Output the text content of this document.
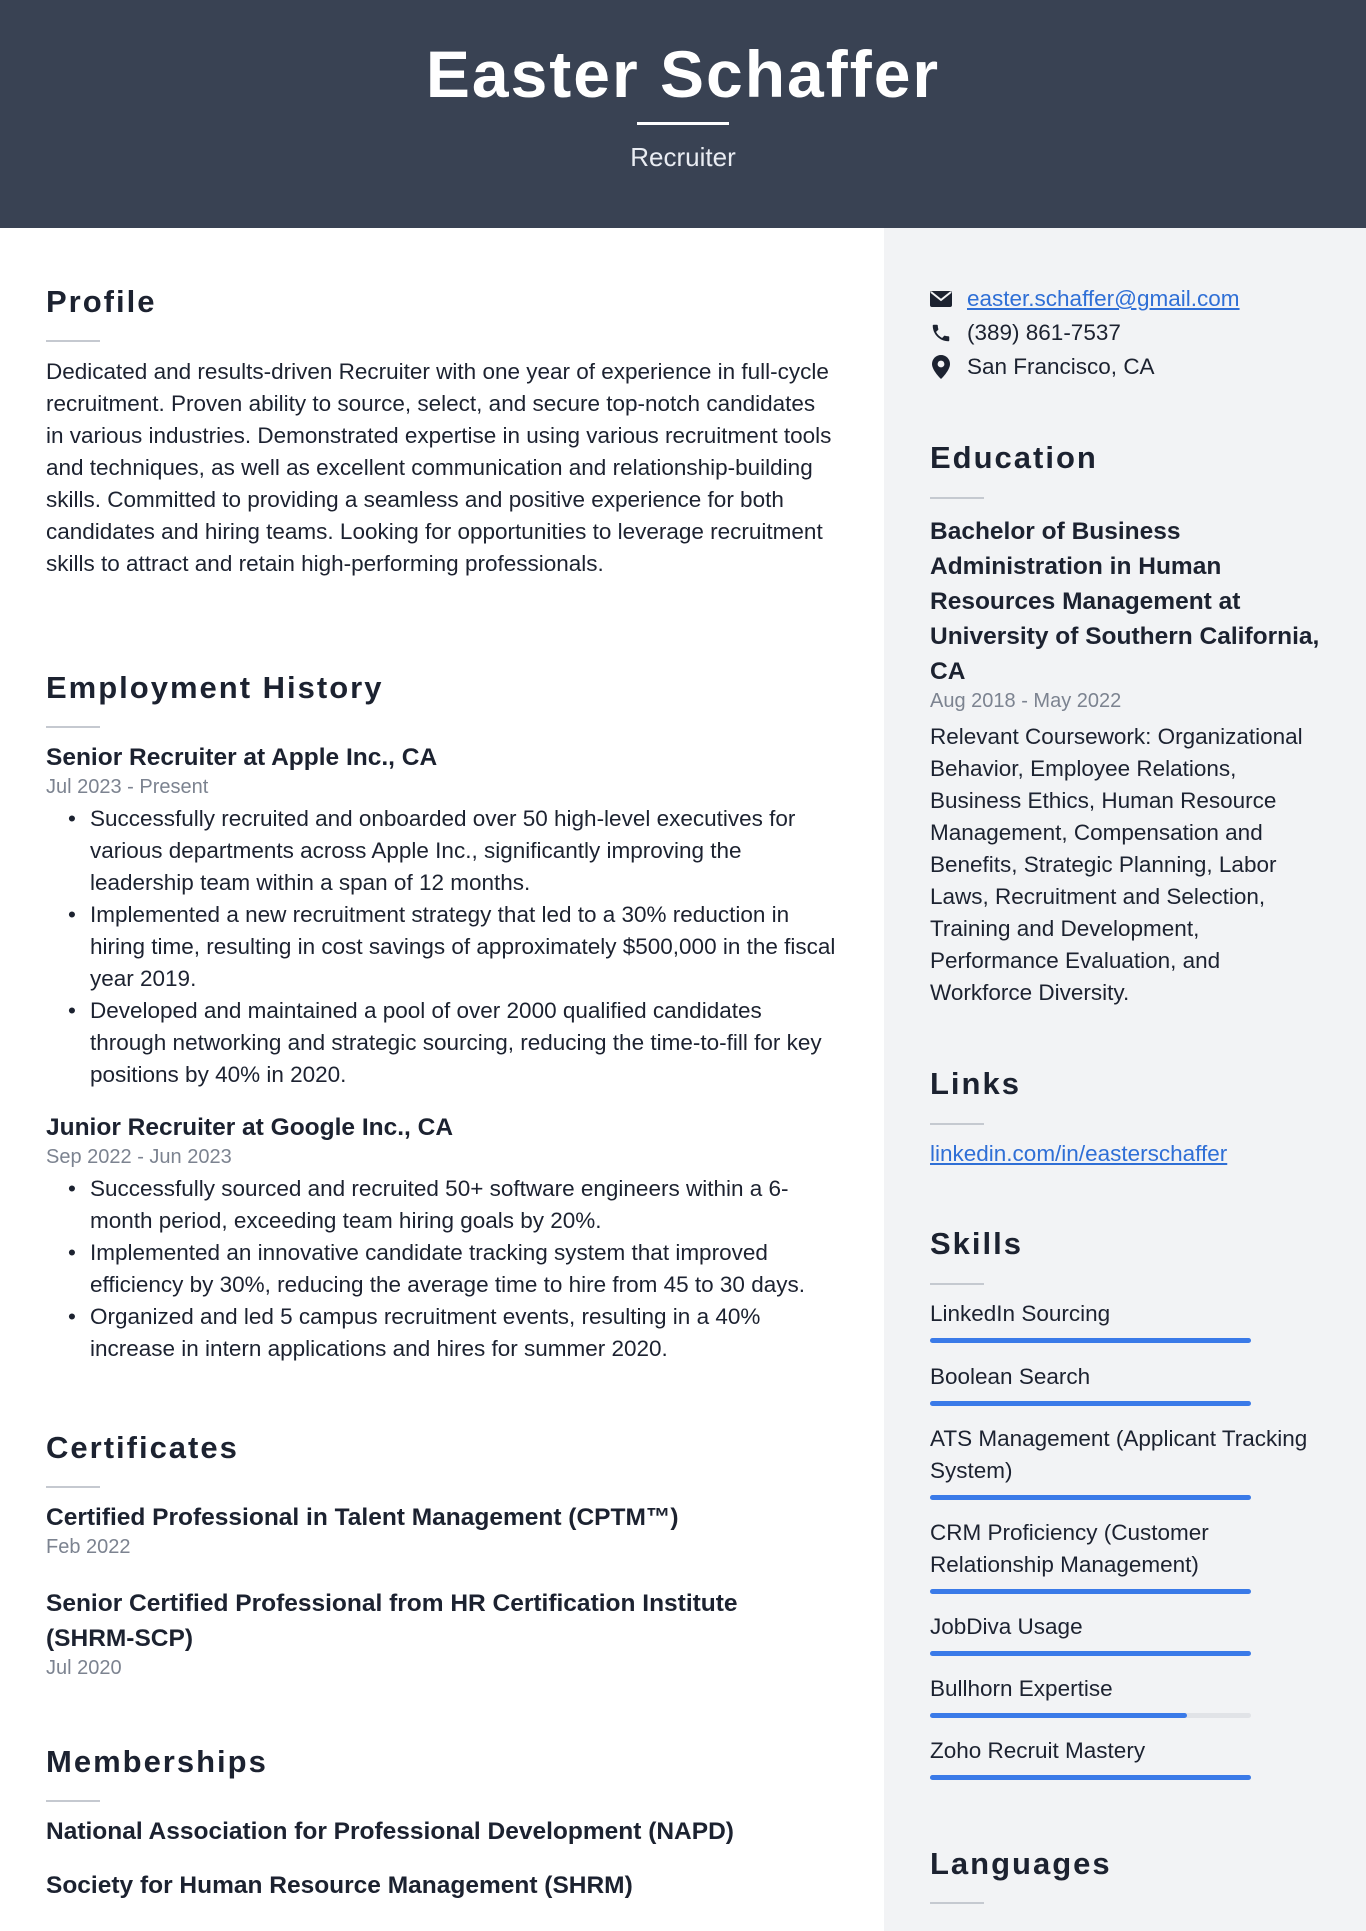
Easter Schaffer
Recruiter
Profile
Dedicated and results-driven Recruiter with one year of experience in full-cycle recruitment. Proven ability to source, select, and secure top-notch candidates in various industries. Demonstrated expertise in using various recruitment tools and techniques, as well as excellent communication and relationship-building skills. Committed to providing a seamless and positive experience for both candidates and hiring teams. Looking for opportunities to leverage recruitment skills to attract and retain high-performing professionals.
Employment History
Senior Recruiter at Apple Inc., CA
Jul 2023 - Present
• Successfully recruited and onboarded over 50 high-level executives for various departments across Apple Inc., significantly improving the leadership team within a span of 12 months.
• Implemented a new recruitment strategy that led to a 30% reduction in hiring time, resulting in cost savings of approximately $500,000 in the fiscal year 2019.
• Developed and maintained a pool of over 2000 qualified candidates through networking and strategic sourcing, reducing the time-to-fill for key positions by 40% in 2020.
Junior Recruiter at Google Inc., CA
Sep 2022 - Jun 2023
• Successfully sourced and recruited 50+ software engineers within a 6-month period, exceeding team hiring goals by 20%.
• Implemented an innovative candidate tracking system that improved efficiency by 30%, reducing the average time to hire from 45 to 30 days.
• Organized and led 5 campus recruitment events, resulting in a 40% increase in intern applications and hires for summer 2020.
Certificates
Certified Professional in Talent Management (CPTM™)
Feb 2022
Senior Certified Professional from HR Certification Institute (SHRM-SCP)
Jul 2020
Memberships
National Association for Professional Development (NAPD)
Society for Human Resource Management (SHRM)
easter.schaffer@gmail.com
(389) 861-7537
San Francisco, CA
Education
Bachelor of Business Administration in Human Resources Management at University of Southern California, CA
Aug 2018 - May 2022
Relevant Coursework: Organizational Behavior, Employee Relations, Business Ethics, Human Resource Management, Compensation and Benefits, Strategic Planning, Labor Laws, Recruitment and Selection, Training and Development, Performance Evaluation, and Workforce Diversity.
Links
linkedin.com/in/easterschaffer
Skills
LinkedIn Sourcing
Boolean Search
ATS Management (Applicant Tracking System)
CRM Proficiency (Customer Relationship Management)
JobDiva Usage
Bullhorn Expertise
Zoho Recruit Mastery
Languages
